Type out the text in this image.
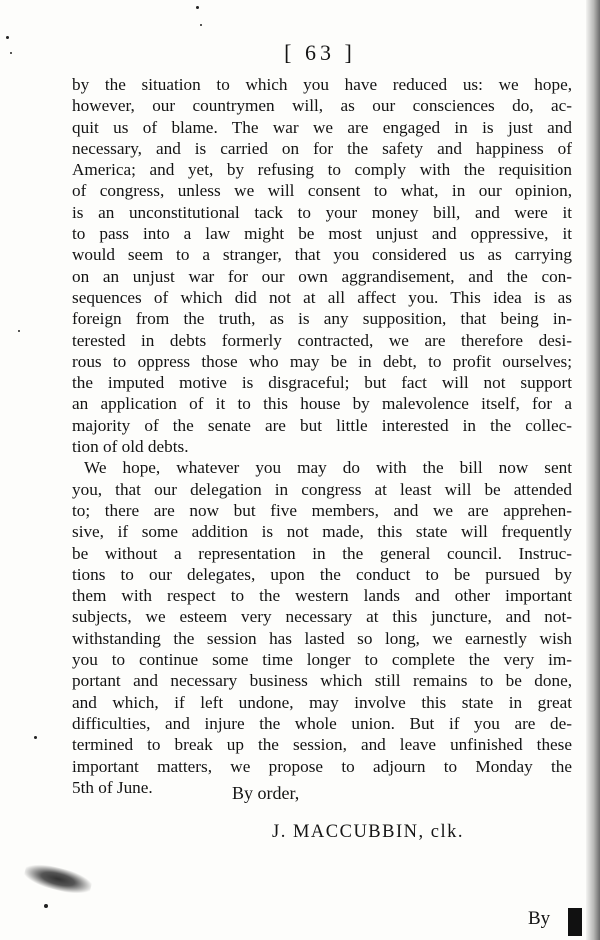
[ 63 ]
by the situation to which you have reduced us: we hope,
however, our countrymen will, as our consciences do, ac-
quit us of blame. The war we are engaged in is just and
necessary, and is carried on for the safety and happiness of
America; and yet, by refusing to comply with the requisition
of congress, unless we will consent to what, in our opinion,
is an unconstitutional tack to your money bill, and were it
to pass into a law might be most unjust and oppressive, it
would seem to a stranger, that you considered us as carrying
on an unjust war for our own aggrandisement, and the con-
sequences of which did not at all affect you. This idea is as
foreign from the truth, as is any supposition, that being in-
terested in debts formerly contracted, we are therefore desi-
rous to oppress those who may be in debt, to profit ourselves;
the imputed motive is disgraceful; but fact will not support
an application of it to this house by malevolence itself, for a
majority of the senate are but little interested in the collec-
tion of old debts.
We hope, whatever you may do with the bill now sent
you, that our delegation in congress at least will be attended
to; there are now but five members, and we are apprehen-
sive, if some addition is not made, this state will frequently
be without a representation in the general council. Instruc-
tions to our delegates, upon the conduct to be pursued by
them with respect to the western lands and other important
subjects, we esteem very necessary at this juncture, and not-
withstanding the session has lasted so long, we earnestly wish
you to continue some time longer to complete the very im-
portant and necessary business which still remains to be done,
and which, if left undone, may involve this state in great
difficulties, and injure the whole union. But if you are de-
termined to break up the session, and leave unfinished these
important matters, we propose to adjourn to Monday the
5th of June.	By order,
J. MACCUBBIN, clk.
By
